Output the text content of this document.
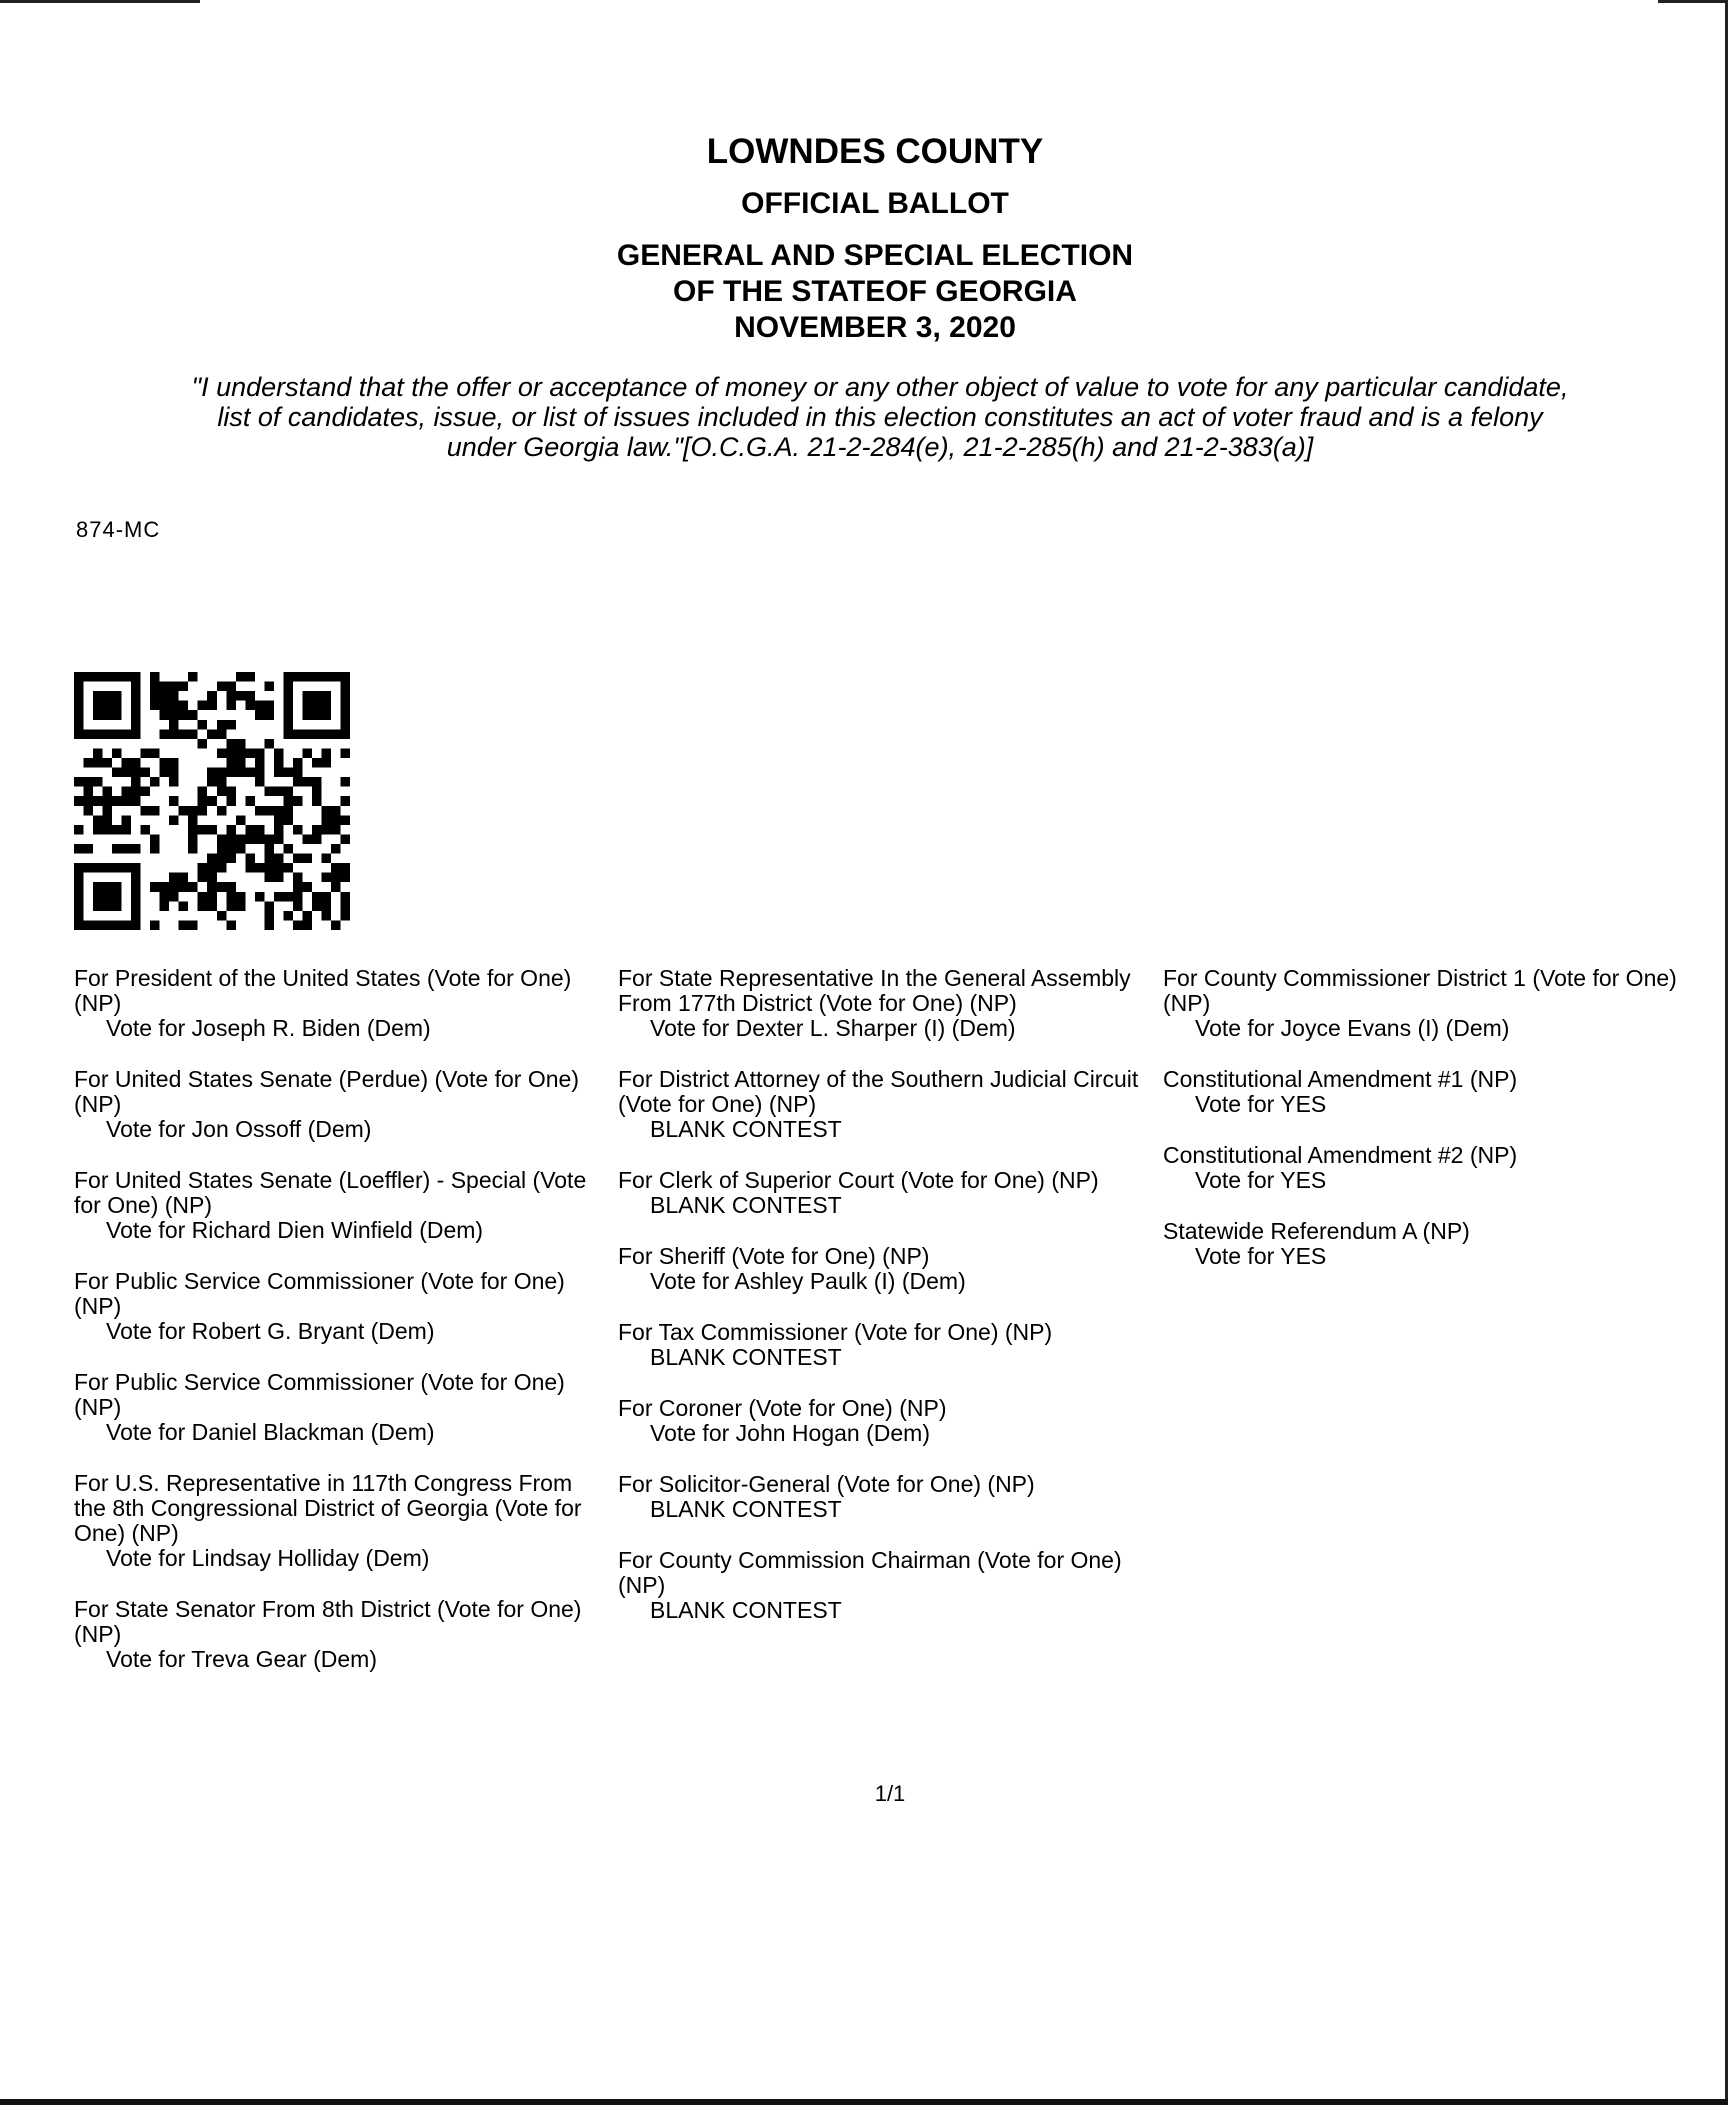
LOWNDES COUNTY

OFFICIAL BALLOT

GENERAL AND SPECIAL ELECTION
OF THE STATEOF GEORGIA
NOVEMBER 3, 2020
"I understand that the offer or acceptance of money or any other object of value to vote for any particular candidate,
list of candidates, issue, or list of issues included in this election constitutes an act of voter fraud and is a felony
under Georgia law."[O.C.G.A. 21-2-284(e), 21-2-285(h) and 21-2-383(a)]
874-MC

For President of the United States (Vote for One) (NP)

Vote for Joseph R. Biden (Dem)

For United States Senate (Perdue) (Vote for One) (NP)

Vote for Jon Ossoff (Dem)

For United States Senate (Loeffler) - Special (Vote for One) (NP)

Vote for Richard Dien Winfield (Dem)

For Public Service Commissioner (Vote for One) (NP)

Vote for Robert G. Bryant (Dem)

For Public Service Commissioner (Vote for One) (NP)

Vote for Daniel Blackman (Dem)

For U.S. Representative in 117th Congress From the 8th Congressional District of Georgia (Vote for One) (NP)

Vote for Lindsay Holliday (Dem)

For State Senator From 8th District (Vote for One) (NP)

Vote for Treva Gear (Dem)

For State Representative In the General Assembly From 177th District (Vote for One) (NP)

Vote for Dexter L. Sharper (I) (Dem)

For District Attorney of the Southern Judicial Circuit (Vote for One) (NP)

BLANK CONTEST

For Clerk of Superior Court (Vote for One) (NP)

BLANK CONTEST

For Sheriff (Vote for One) (NP)

Vote for Ashley Paulk (I) (Dem)

For Tax Commissioner (Vote for One) (NP)

BLANK CONTEST

For Coroner (Vote for One) (NP)

Vote for John Hogan (Dem)

For Solicitor-General (Vote for One) (NP)

BLANK CONTEST

For County Commission Chairman (Vote for One) (NP)

BLANK CONTEST

For County Commissioner District 1 (Vote for One) (NP)

Vote for Joyce Evans (I) (Dem)

Constitutional Amendment #1 (NP)

Vote for YES

Constitutional Amendment #2 (NP)

Vote for YES

Statewide Referendum A (NP)

Vote for YES

1/1
